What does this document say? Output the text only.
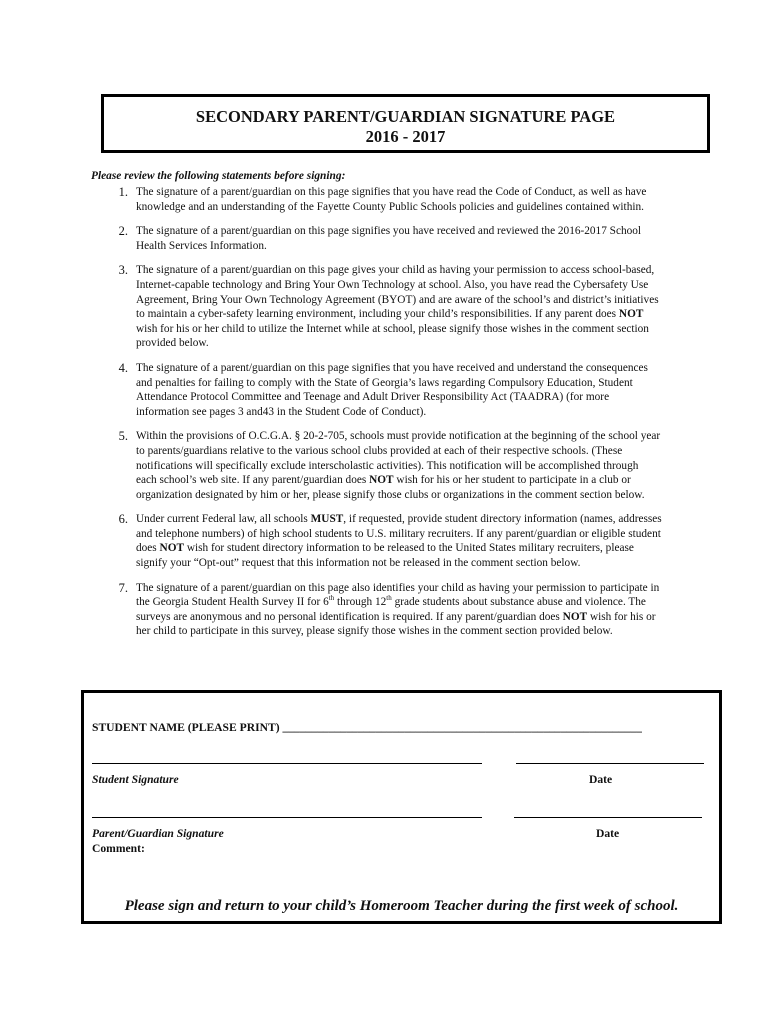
SECONDARY PARENT/GUARDIAN SIGNATURE PAGE
2016 - 2017
Please review the following statements before signing:
1. The signature of a parent/guardian on this page signifies that you have read the Code of Conduct, as well as have

knowledge and an understanding of the Fayette County Public Schools policies and guidelines contained within.

2. The signature of a parent/guardian on this page signifies you have received and reviewed the 2016-2017 School

Health Services Information.

3. The signature of a parent/guardian on this page gives your child as having your permission to access school-based,

Internet-capable technology and Bring Your Own Technology at school. Also, you have read the Cybersafety Use

Agreement, Bring Your Own Technology Agreement (BYOT) and are aware of the school’s and district’s initiatives

to maintain a cyber-safety learning environment, including your child’s responsibilities. If any parent does NOT

wish for his or her child to utilize the Internet while at school, please signify those wishes in the comment section

provided below.

4. The signature of a parent/guardian on this page signifies that you have received and understand the consequences

and penalties for failing to comply with the State of Georgia’s laws regarding Compulsory Education, Student

Attendance Protocol Committee and Teenage and Adult Driver Responsibility Act (TAADRA) (for more

information see pages 3 and43 in the Student Code of Conduct).

5. Within the provisions of O.C.G.A. § 20-2-705, schools must provide notification at the beginning of the school year

to parents/guardians relative to the various school clubs provided at each of their respective schools. (These

notifications will specifically exclude interscholastic activities). This notification will be accomplished through

each school’s web site. If any parent/guardian does NOT wish for his or her student to participate in a club or

organization designated by him or her, please signify those clubs or organizations in the comment section below.

6. Under current Federal law, all schools MUST, if requested, provide student directory information (names, addresses

and telephone numbers) of high school students to U.S. military recruiters. If any parent/guardian or eligible student

does NOT wish for student directory information to be released to the United States military recruiters, please

signify your “Opt-out” request that this information not be released in the comment section below.

7. The signature of a parent/guardian on this page also identifies your child as having your permission to participate in

the Georgia Student Health Survey II for 6th through 12th grade students about substance abuse and violence. The

surveys are anonymous and no personal identification is required. If any parent/guardian does NOT wish for his or

her child to participate in this survey, please signify those wishes in the comment section provided below.

STUDENT NAME (PLEASE PRINT) ______________________________________________________________
Student Signature	Date
Parent/Guardian Signature	Date
Comment:
Please sign and return to your child’s Homeroom Teacher during the first week of school.
